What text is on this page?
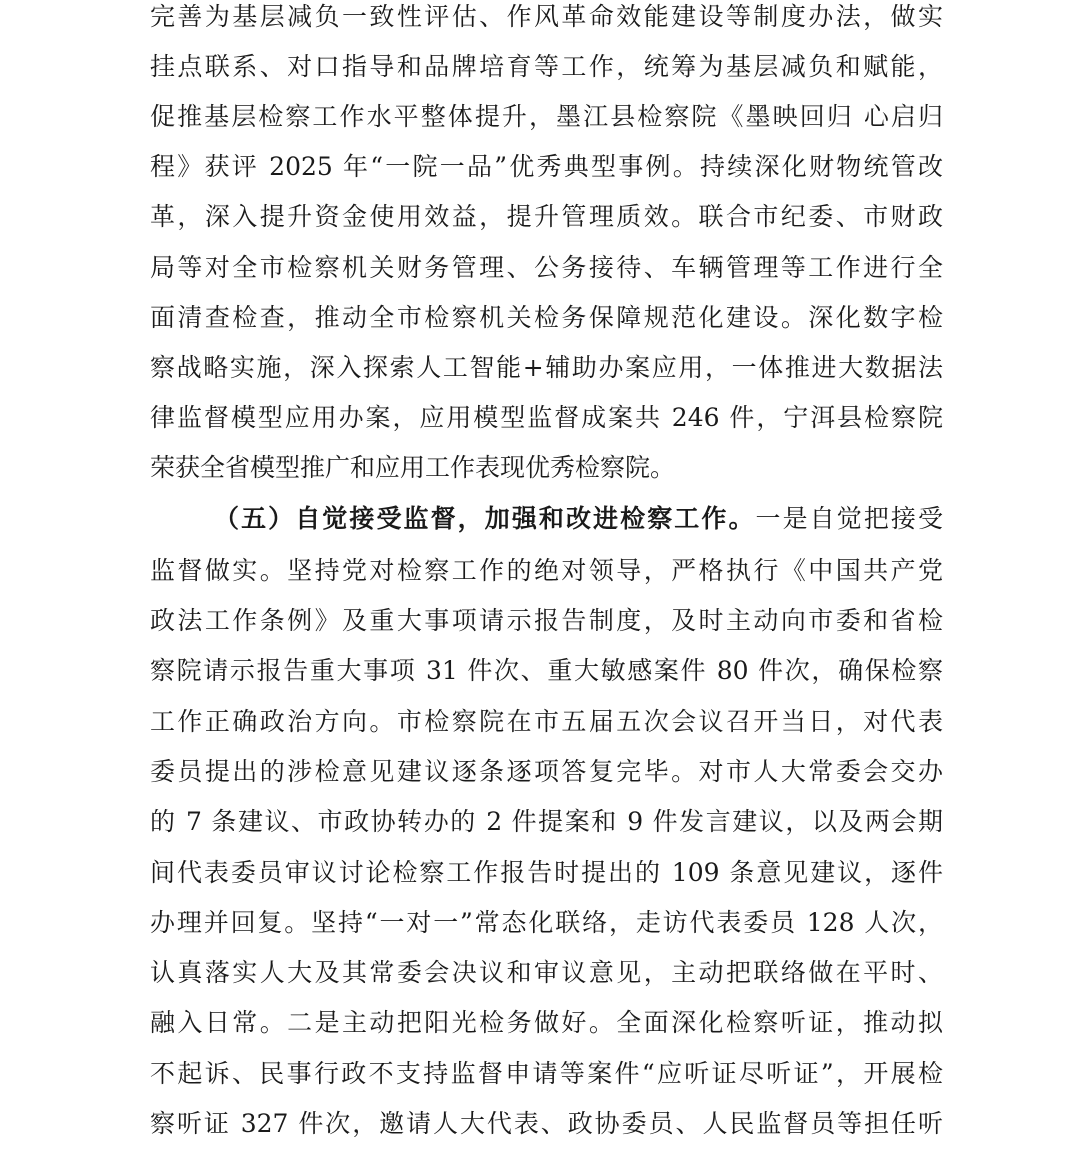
完善为基层减负一致性评估、作风革命效能建设等制度办法，做实
挂点联系、对口指导和品牌培育等工作，统筹为基层减负和赋能，
促推基层检察工作水平整体提升，墨江县检察院《墨映回归 心启归
程》获评 2025 年“一院一品”优秀典型事例。持续深化财物统管改
革，深入提升资金使用效益，提升管理质效。联合市纪委、市财政
局等对全市检察机关财务管理、公务接待、车辆管理等工作进行全
面清查检查，推动全市检察机关检务保障规范化建设。深化数字检
察战略实施，深入探索人工智能+辅助办案应用，一体推进大数据法
律监督模型应用办案，应用模型监督成案共 246 件，宁洱县检察院
荣获全省模型推广和应用工作表现优秀检察院。
（五）自觉接受监督，加强和改进检察工作。一是自觉把接受
监督做实。坚持党对检察工作的绝对领导，严格执行《中国共产党
政法工作条例》及重大事项请示报告制度，及时主动向市委和省检
察院请示报告重大事项 31 件次、重大敏感案件 80 件次，确保检察
工作正确政治方向。市检察院在市五届五次会议召开当日，对代表
委员提出的涉检意见建议逐条逐项答复完毕。对市人大常委会交办
的 7 条建议、市政协转办的 2 件提案和 9 件发言建议，以及两会期
间代表委员审议讨论检察工作报告时提出的 109 条意见建议，逐件
办理并回复。坚持“一对一”常态化联络，走访代表委员 128 人次，
认真落实人大及其常委会决议和审议意见，主动把联络做在平时、
融入日常。二是主动把阳光检务做好。全面深化检察听证，推动拟
不起诉、民事行政不支持监督申请等案件“应听证尽听证”，开展检
察听证 327 件次，邀请人大代表、政协委员、人民监督员等担任听
